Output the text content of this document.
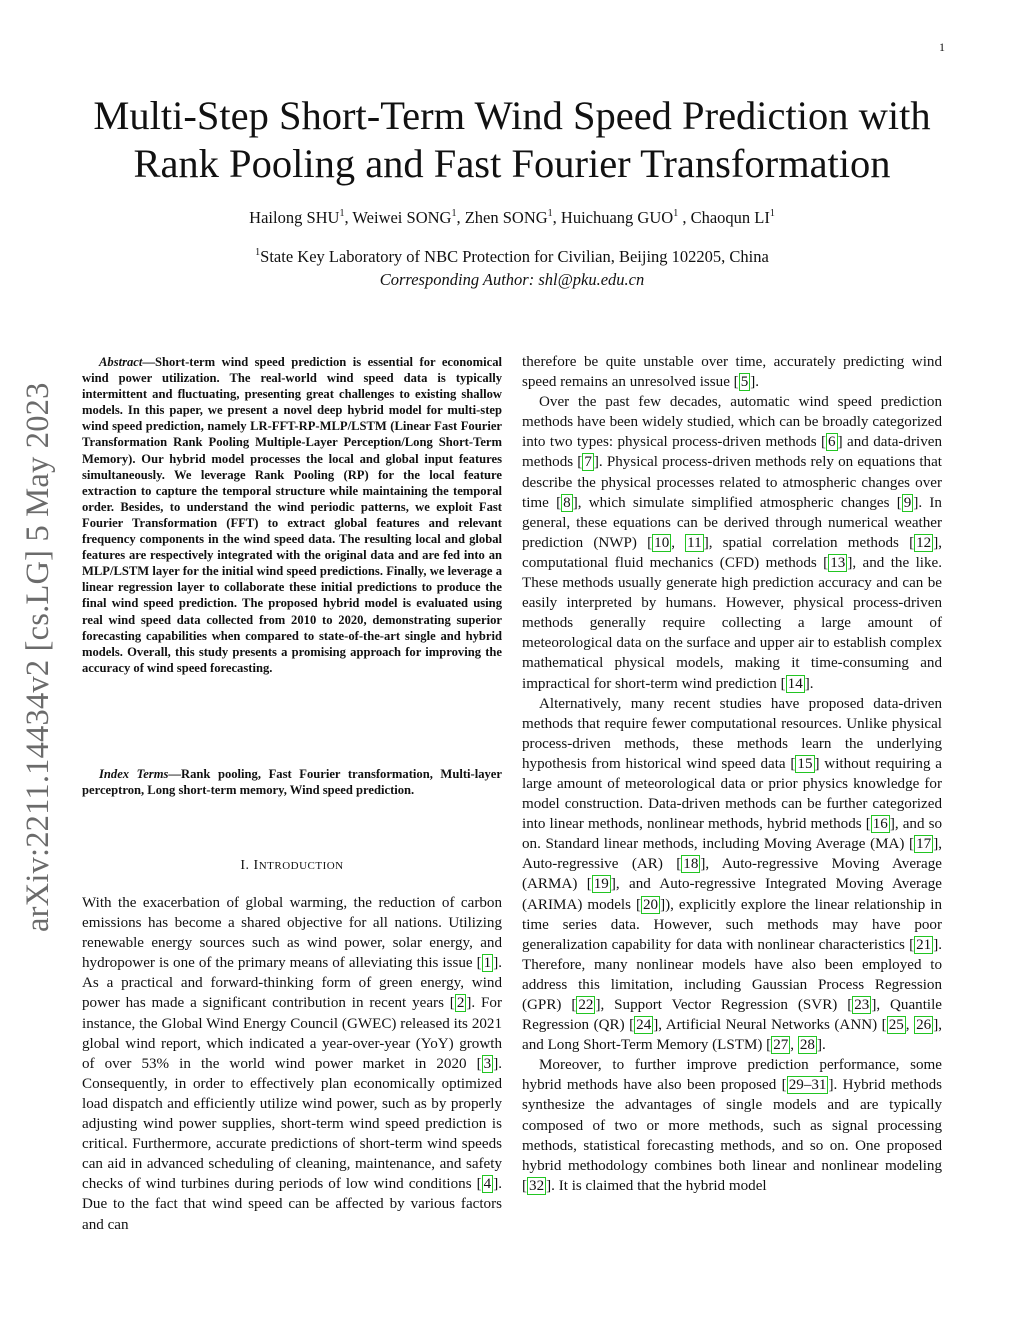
1
arXiv:2211.14434v2 [cs.LG] 5 May 2023
Multi-Step Short-Term Wind Speed Prediction with
Rank Pooling and Fast Fourier Transformation
Hailong SHU$^1$, Weiwei SONG$^1$, Zhen SONG$^1$, Huichuang GUO$^1$ , Chaoqun $LI^1$
$^1$State Key Laboratory of NBC Protection for Civilian, Beijing 102205, China
Corresponding Author: shl@pku.edu.cn

Abstract—Short-term wind speed prediction is essential for economical wind power utilization. The real-world wind speed data is typically intermittent and fluctuating, presenting great challenges to existing shallow models. In this paper, we present a novel deep hybrid model for multi-step wind speed prediction, namely LR-FFT-RP-MLP/LSTM (Linear Fast Fourier Transformation Rank Pooling Multiple-Layer Perception/Long Short-Term Memory). Our hybrid model processes the local and global input features simultaneously. We leverage Rank Pooling (RP) for the local feature extraction to capture the temporal structure while maintaining the temporal order. Besides, to understand the wind periodic patterns, we exploit Fast Fourier Transformation (FFT) to extract global features and relevant frequency components in the wind speed data. The resulting local and global features are respectively integrated with the original data and are fed into an MLP/LSTM layer for the initial wind speed predictions. Finally, we leverage a linear regression layer to collaborate these initial predictions to produce the final wind speed prediction. The proposed hybrid model is evaluated using real wind speed data collected from 2010 to 2020, demonstrating superior forecasting capabilities when compared to state-of-the-art single and hybrid models. Overall, this study presents a promising approach for improving the accuracy of wind speed forecasting.

Index Terms—Rank pooling, Fast Fourier transformation, Multi-layer perceptron, Long short-term memory, Wind speed prediction.

I. INTRODUCTION

With the exacerbation of global warming, the reduction of carbon emissions has become a shared objective for all nations. Utilizing renewable energy sources such as wind power, solar energy, and hydropower is one of the primary means of alleviating this issue [ 1 ]. As a practical and forward-thinking form of green energy, wind power has made a significant contribution in recent years [ 2 ]. For instance, the Global Wind Energy Council (GWEC) released its 2021 global wind report, which indicated a year-over-year (YoY) growth of over 53% in the world wind power market in 2020 [ 3 ]. Consequently, in order to effectively plan economically optimized load dispatch and efficiently utilize wind power, such as by properly adjusting wind power supplies, short-term wind speed prediction is critical. Furthermore, accurate predictions of short-term wind speeds can aid in advanced scheduling of cleaning, maintenance, and safety checks of wind turbines during periods of low wind conditions [ 4 ]. Due to the fact that wind speed can be affected by various factors and can

therefore be quite unstable over time, accurately predicting wind speed remains an unresolved issue [ 5 ].

Over the past few decades, automatic wind speed prediction methods have been widely studied, which can be broadly categorized into two types: physical process-driven methods [ 6 ] and data-driven methods [ 7 ]. Physical process-driven methods rely on equations that describe the physical processes related to atmospheric changes over time [ 8 ], which simulate simplified atmospheric changes [ 9 ]. In general, these equations can be derived through numerical weather prediction (NWP) [ 10 , 11 ], spatial correlation methods [ 12 ], computational fluid mechanics (CFD) methods [ 13 ], and the like. These methods usually generate high prediction accuracy and can be easily interpreted by humans. However, physical process-driven methods generally require collecting a large amount of meteorological data on the surface and upper air to establish complex mathematical physical models, making it time-consuming and impractical for short-term wind prediction [ 14 ].

Alternatively, many recent studies have proposed data-driven methods that require fewer computational resources. Unlike physical process-driven methods, these methods learn the underlying hypothesis from historical wind speed data [ 15 ] without requiring a large amount of meteorological data or prior physics knowledge for model construction. Data-driven methods can be further categorized into linear methods, nonlinear methods, hybrid methods [ 16 ], and so on. Standard linear methods, including Moving Average (MA) [ 17 ], Auto-regressive (AR) [ 18 ], Auto-regressive Moving Average (ARMA) [ 19 ], and Auto-regressive Integrated Moving Average (ARIMA) models [ 20 ]), explicitly explore the linear relationship in time series data. However, such methods may have poor generalization capability for data with nonlinear characteristics [ 21 ]. Therefore, many nonlinear models have also been employed to address this limitation, including Gaussian Process Regression (GPR) [ 22 ], Support Vector Regression (SVR) [ 23 ], Quantile Regression (QR) [ 24 ], Artificial Neural Networks (ANN) [ 25 , 26 ], and Long Short-Term Memory (LSTM) [ 27 , 28 ].

Moreover, to further improve prediction performance, some hybrid methods have also been proposed [ 29–31 ]. Hybrid methods synthesize the advantages of single models and are typically composed of two or more methods, such as signal processing methods, statistical forecasting methods, and so on. One proposed hybrid methodology combines both linear and nonlinear modeling [ 32 ]. It is claimed that the hybrid model
